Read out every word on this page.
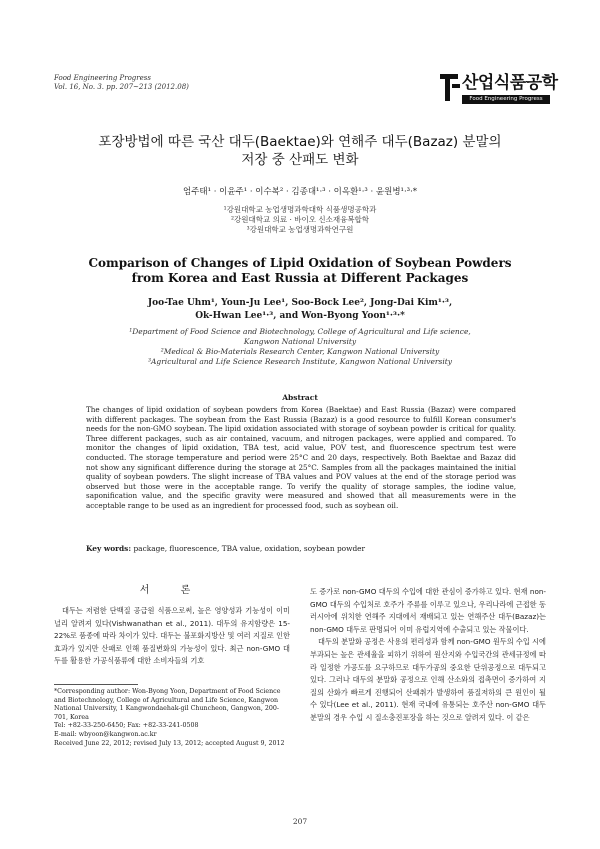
Food Engineering Progress
Vol. 16, No. 3. pp. 207~213 (2012.08)	산업식품공학
Food Engineering Progress
포장방법에 따른 국산 대두(Baektae)와 연해주 대두(Bazaz) 분말의
저장 중 산패도 변화
엄주태¹ · 이윤주¹ · 이수복² · 김종대¹·³ · 이옥환¹·³ · 윤원병¹·³·*
¹강원대학교 농업생명과학대학 식품생명공학과
²강원대학교 의료 · 바이오 신소재융복합학
³강원대학교 농업생명과학연구원
Comparison of Changes of Lipid Oxidation of Soybean Powders
from Korea and East Russia at Different Packages
Joo-Tae Uhm¹, Youn-Ju Lee¹, Soo-Bock Lee², Jong-Dai Kim¹·³,
Ok-Hwan Lee¹·³, and Won-Byong Yoon¹·³·*
¹Department of Food Science and Biotechnology, College of Agricultural and Life science,
Kangwon National University
²Medical & Bio-Materials Research Center, Kangwon National University
³Agricultural and Life Science Research Institute, Kangwon National University
Abstract
The changes of lipid oxidation of soybean powders from Korea (Baektae) and East Russia (Bazaz) were compared with different packages. The soybean from the East Russia (Bazaz) is a good resource to fulfill Korean consumer's needs for the non-GMO soybean. The lipid oxidation associated with storage of soybean powder is critical for quality. Three different packages, such as air contained, vacuum, and nitrogen packages, were applied and compared. To monitor the changes of lipid oxidation, TBA test, acid value, POV test, and fluorescence spectrum test were conducted. The storage temperature and period were 25°C and 20 days, respectively. Both Baektae and Bazaz did not show any significant difference during the storage at 25°C. Samples from all the packages maintained the initial quality of soybean powders. The slight increase of TBA values and POV values at the end of the storage period was observed but those were in the acceptable range. To verify the quality of storage samples, the iodine value, saponification value, and the specific gravity were measured and showed that all measurements were in the acceptable range to be used as an ingredient for processed food, such as soybean oil.
Key words: package, fluorescence, TBA value, oxidation, soybean powder
서 론

대두는 저렴한 단백질 공급원 식품으로써, 높은 영양성과 기능성이 이미 널리 알려져 있다(Vishwanathan et al., 2011). 대두의 유지함량은 15-22%로 품종에 따라 차이가 있다. 대두는 불포화지방산 및 여러 지질로 인한 효과가 있지만 산패로 인해 품질변화의 가능성이 있다. 최근 non-GMO 대두를 활용한 가공식품류에 대한 소비자들의 기호

도 증가로 non-GMO 대두의 수입에 대한 관심이 증가하고 있다. 현재 non-GMO 대두의 수입처로 호주가 주류를 이루고 있으나, 우리나라에 근접한 동러시아에 위치한 연해주 지대에서 재배되고 있는 연해주산 대두(Bazaz)는 non-GMO 대두로 판명되어 이미 유럽지역에 수출되고 있는 작물이다.

대두의 분말화 공정은 사용의 편리성과 함께 non-GMO 원두의 수입 시에 부과되는 높은 관세율을 피하기 위하여 원산지와 수입국간의 관세규정에 따라 일정한 가공도를 요구하므로 대두가공의 중요한 단위공정으로 대두되고 있다. 그러나 대두의 분말화 공정으로 인해 산소와의 접촉면이 증가하여 지질의 산화가 빠르게 진행되어 산패취가 발생하여 품질저하의 큰 원인이 될 수 있다(Lee et al., 2011). 현재 국내에 유통되는 호주산 non-GMO 대두분말의 경우 수입 시 질소충진포장을 하는 것으로 알려져 있다. 이 같은

*Corresponding author: Won-Byong Yoon, Department of Food Science and Biotechnology, College of Agricultural and Life Science, Kangwon National University, 1 Kangwondaehak-gil Chuncheon, Gangwon, 200-701, Korea
Tel: +82-33-250-6450; Fax: +82-33-241-0508
E-mail: wbyoon@kangwon.ac.kr
Received June 22, 2012; revised July 13, 2012; accepted August 9, 2012
207
